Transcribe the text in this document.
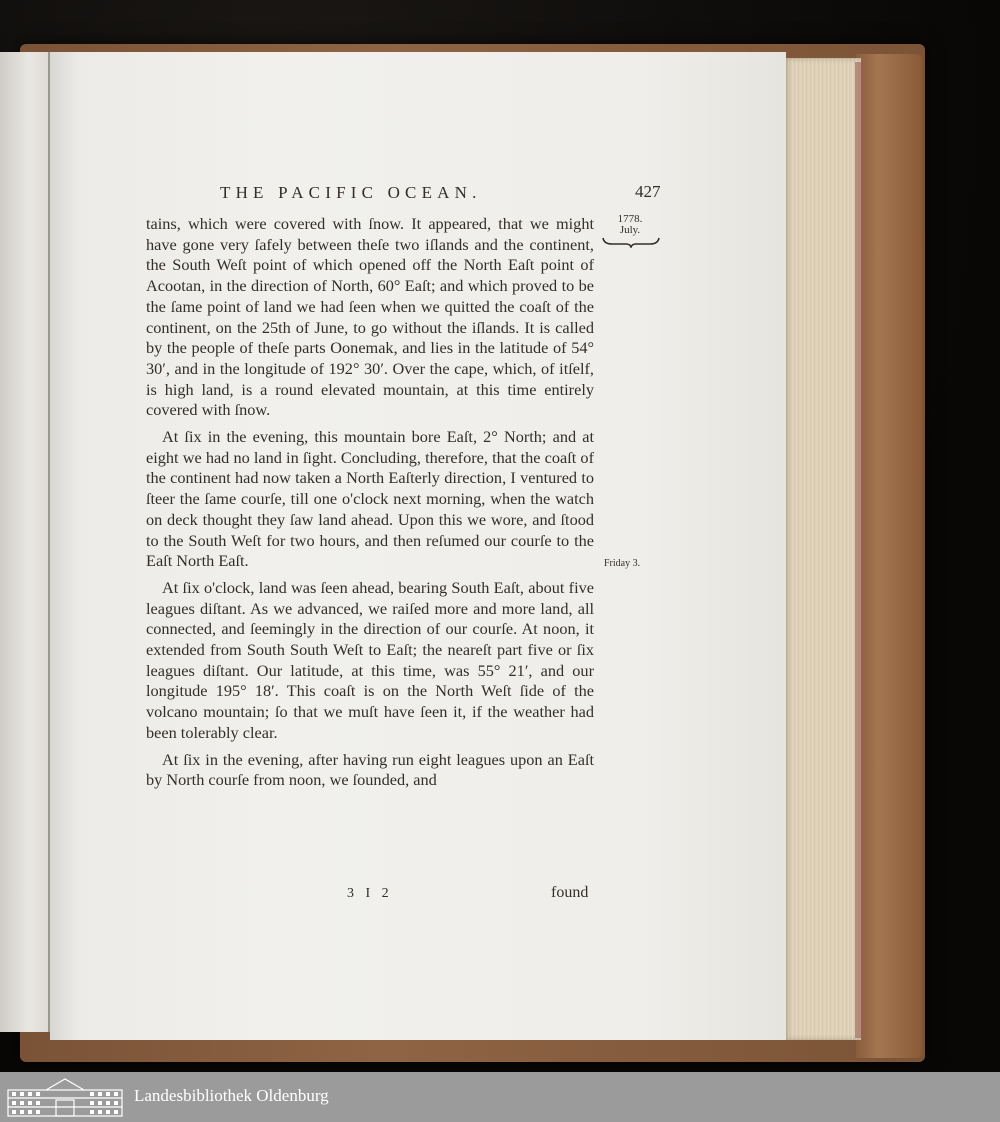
THE PACIFIC OCEAN.	427
1778.
July.
Friday 3.

tains, which were covered with ſnow. It appeared, that we might have gone very ſafely between theſe two iſlands and the continent, the South Weſt point of which opened off the North Eaſt point of Acootan, in the direction of North, 60° Eaſt; and which proved to be the ſame point of land we had ſeen when we quitted the coaſt of the continent, on the 25th of June, to go without the iſlands. It is called by the people of theſe parts Oonemak, and lies in the latitude of 54° 30′, and in the longitude of 192° 30′. Over the cape, which, of itſelf, is high land, is a round elevated mountain, at this time entirely covered with ſnow.

At ſix in the evening, this mountain bore Eaſt, 2° North; and at eight we had no land in ſight. Concluding, therefore, that the coaſt of the continent had now taken a North Eaſterly direction, I ventured to ſteer the ſame courſe, till one o'clock next morning, when the watch on deck thought they ſaw land ahead. Upon this we wore, and ſtood to the South Weſt for two hours, and then reſumed our courſe to the Eaſt North Eaſt.

At ſix o'clock, land was ſeen ahead, bearing South Eaſt, about five leagues diſtant. As we advanced, we raiſed more and more land, all connected, and ſeemingly in the direction of our courſe. At noon, it extended from South South Weſt to Eaſt; the neareſt part five or ſix leagues diſtant. Our latitude, at this time, was 55° 21′, and our longitude 195° 18′. This coaſt is on the North Weſt ſide of the volcano mountain; ſo that we muſt have ſeen it, if the weather had been tolerably clear.

At ſix in the evening, after having run eight leagues upon an Eaſt by North courſe from noon, we ſounded, and

3 I 2	found
Landesbibliothek Oldenburg
